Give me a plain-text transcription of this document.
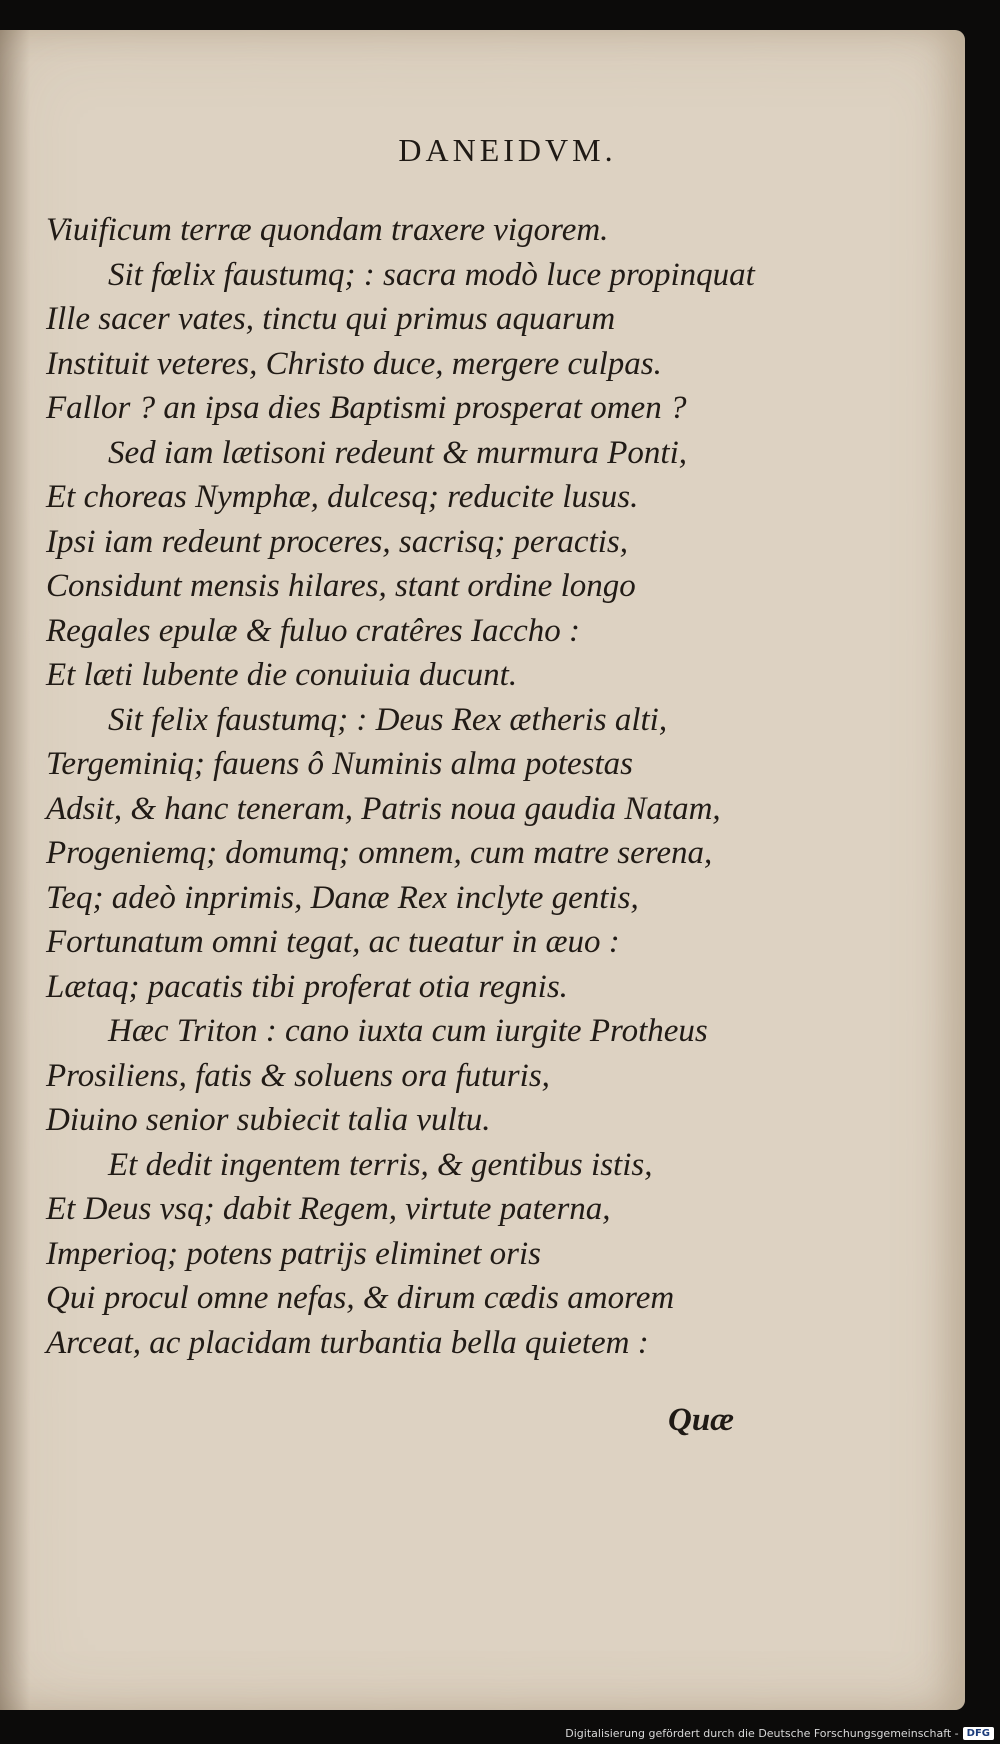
DANEIDVM.
Viuificum terræ quondam traxere vigorem.
Sit fœlix faustumq; : sacra modò luce propinquat
Ille sacer vates, tinctu qui primus aquarum
Instituit veteres, Christo duce, mergere culpas.
Fallor ? an ipsa dies Baptismi prosperat omen ?
Sed iam lætisoni redeunt & murmura Ponti,
Et choreas Nymphæ, dulcesq; reducite lusus.
Ipsi iam redeunt proceres, sacrisq; peractis,
Considunt mensis hilares, stant ordine longo
Regales epulæ & fuluo cratêres Iaccho :
Et læti lubente die conuiuia ducunt.
Sit felix faustumq; : Deus Rex ætheris alti,
Tergeminiq; fauens ô Numinis alma potestas
Adsit, & hanc teneram, Patris noua gaudia Natam,
Progeniemq; domumq; omnem, cum matre serena,
Teq; adeò inprimis, Danæ Rex inclyte gentis,
Fortunatum omni tegat, ac tueatur in æuo :
Lætaq; pacatis tibi proferat otia regnis.
Hæc Triton : cano iuxta cum iurgite Protheus
Prosiliens, fatis & soluens ora futuris,
Diuino senior subiecit talia vultu.
Et dedit ingentem terris, & gentibus istis,
Et Deus vsq; dabit Regem, virtute paterna,
Imperioq; potens patrijs eliminet oris
Qui procul omne nefas, & dirum cædis amorem
Arceat, ac placidam turbantia bella quietem :
Quæ
Digitalisierung gefördert durch die Deutsche Forschungsgemeinschaft - DFG
